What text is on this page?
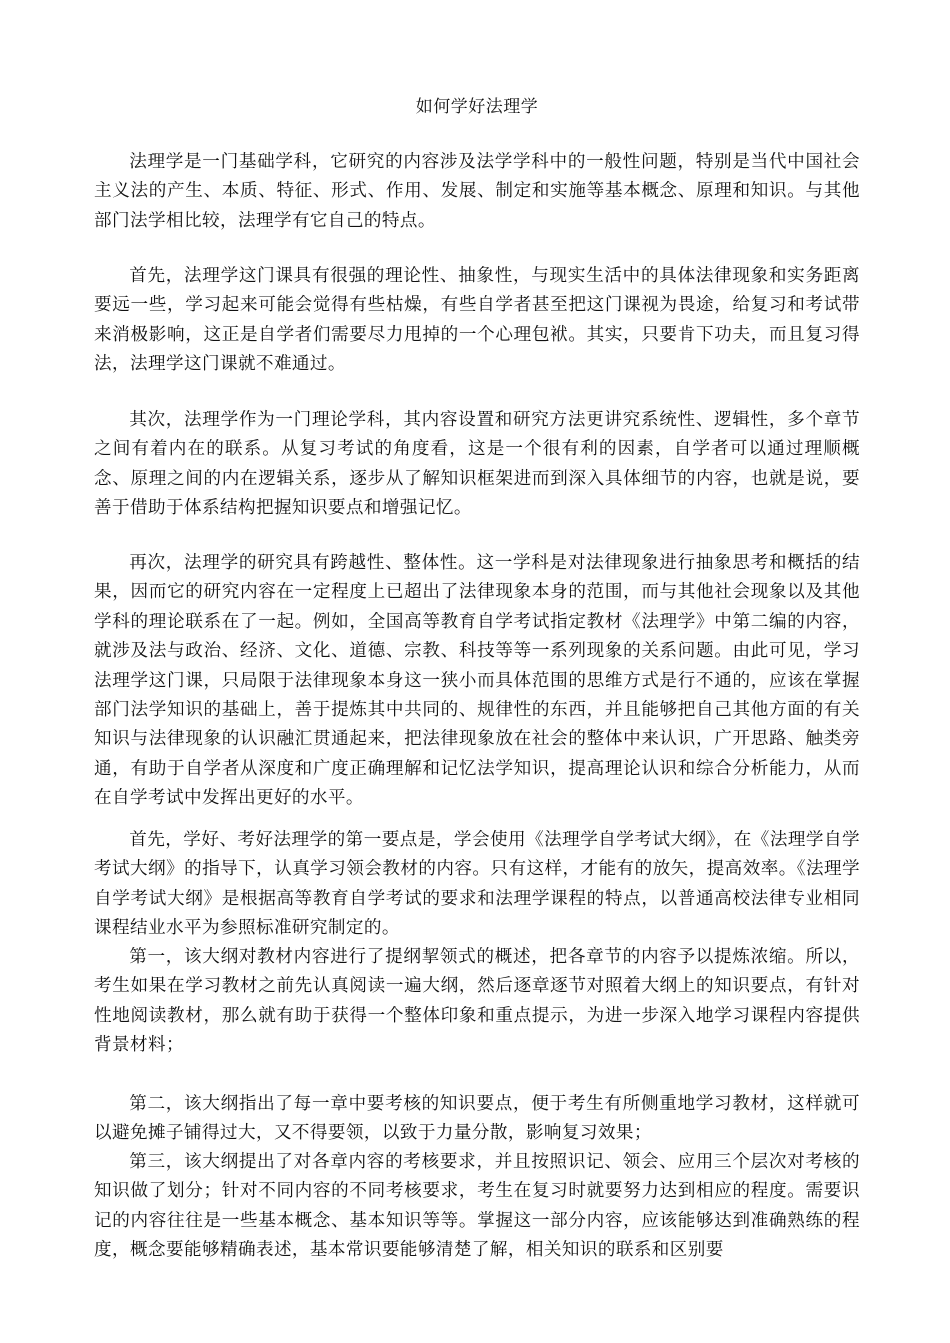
如何学好法理学

法理学是一门基础学科，它研究的内容涉及法学学科中的一般性问题，特别是当代中国社会主义法的产生、本质、特征、形式、作用、发展、制定和实施等基本概念、原理和知识。与其他部门法学相比较，法理学有它自己的特点。

首先，法理学这门课具有很强的理论性、抽象性，与现实生活中的具体法律现象和实务距离要远一些，学习起来可能会觉得有些枯燥，有些自学者甚至把这门课视为畏途，给复习和考试带来消极影响，这正是自学者们需要尽力甩掉的一个心理包袱。其实，只要肯下功夫，而且复习得法，法理学这门课就不难通过。

其次，法理学作为一门理论学科，其内容设置和研究方法更讲究系统性、逻辑性，多个章节之间有着内在的联系。从复习考试的角度看，这是一个很有利的因素，自学者可以通过理顺概念、原理之间的内在逻辑关系，逐步从了解知识框架进而到深入具体细节的内容，也就是说，要善于借助于体系结构把握知识要点和增强记忆。

再次，法理学的研究具有跨越性、整体性。这一学科是对法律现象进行抽象思考和概括的结果，因而它的研究内容在一定程度上已超出了法律现象本身的范围，而与其他社会现象以及其他学科的理论联系在了一起。例如，全国高等教育自学考试指定教材《法理学》中第二编的内容，就涉及法与政治、经济、文化、道德、宗教、科技等等一系列现象的关系问题。由此可见，学习法理学这门课，只局限于法律现象本身这一狭小而具体范围的思维方式是行不通的，应该在掌握部门法学知识的基础上，善于提炼其中共同的、规律性的东西，并且能够把自己其他方面的有关知识与法律现象的认识融汇贯通起来，把法律现象放在社会的整体中来认识，广开思路、触类旁通，有助于自学者从深度和广度正确理解和记忆法学知识，提高理论认识和综合分析能力，从而在自学考试中发挥出更好的水平。

首先，学好、考好法理学的第一要点是，学会使用《法理学自学考试大纲》，在《法理学自学考试大纲》的指导下，认真学习领会教材的内容。只有这样，才能有的放矢，提高效率。《法理学自学考试大纲》是根据高等教育自学考试的要求和法理学课程的特点，以普通高校法律专业相同课程结业水平为参照标准研究制定的。

第一，该大纲对教材内容进行了提纲挈领式的概述，把各章节的内容予以提炼浓缩。所以，考生如果在学习教材之前先认真阅读一遍大纲，然后逐章逐节对照着大纲上的知识要点，有针对性地阅读教材，那么就有助于获得一个整体印象和重点提示，为进一步深入地学习课程内容提供背景材料；

第二，该大纲指出了每一章中要考核的知识要点，便于考生有所侧重地学习教材，这样就可以避免摊子铺得过大，又不得要领，以致于力量分散，影响复习效果；

第三，该大纲提出了对各章内容的考核要求，并且按照识记、领会、应用三个层次对考核的知识做了划分；针对不同内容的不同考核要求，考生在复习时就要努力达到相应的程度。需要识记的内容往往是一些基本概念、基本知识等等。掌握这一部分内容，应该能够达到准确熟练的程度，概念要能够精确表述，基本常识要能够清楚了解，相关知识的联系和区别要
